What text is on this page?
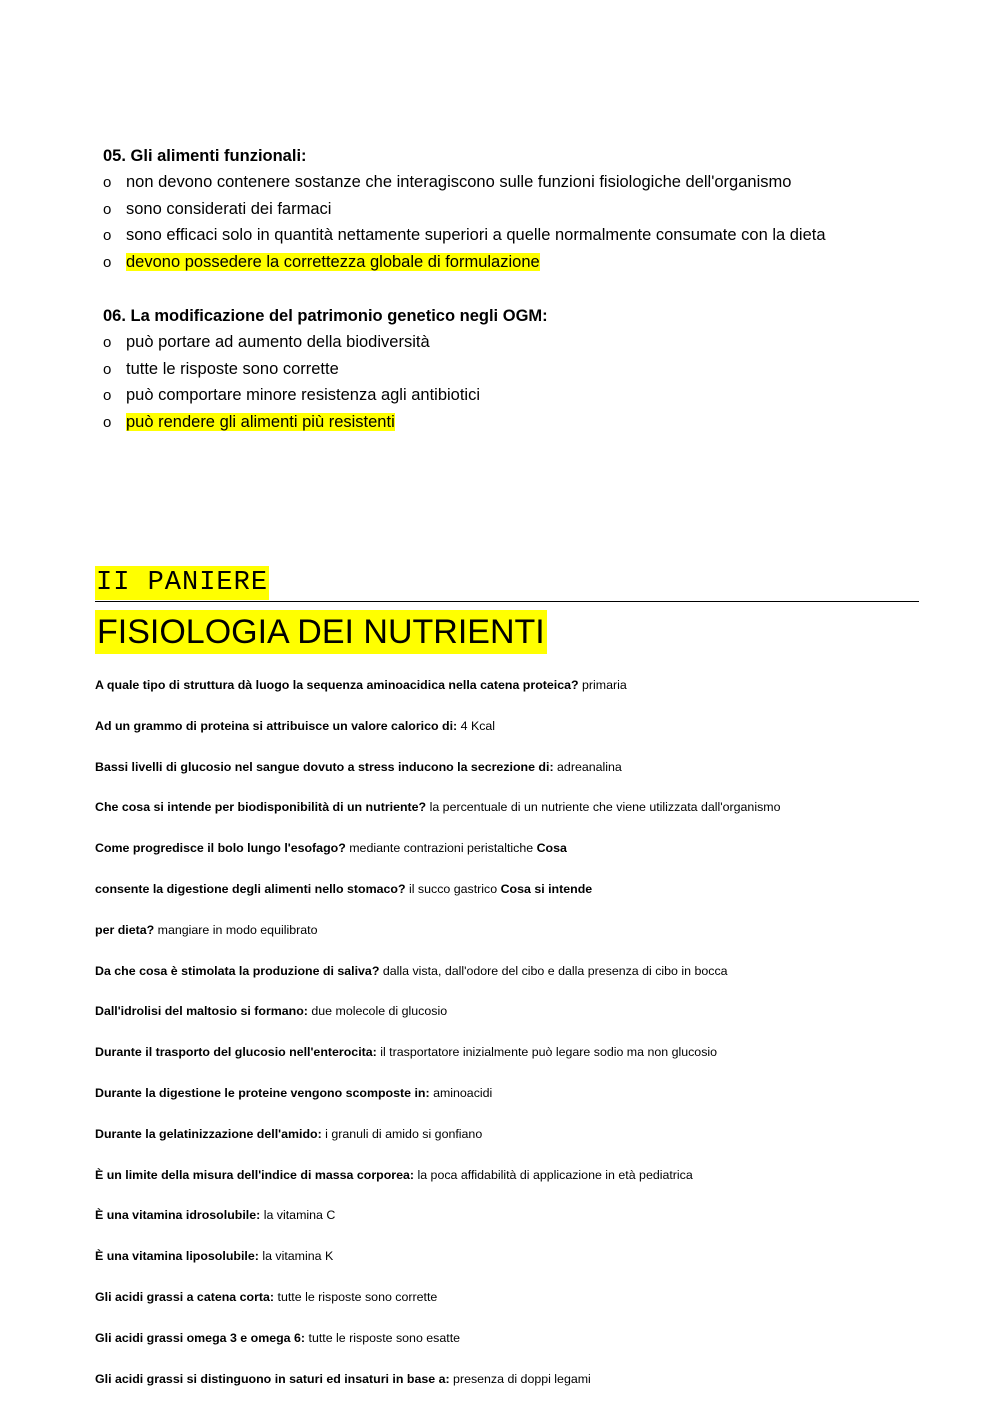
05. Gli alimenti funzionali:
o non devono contenere sostanze che interagiscono sulle funzioni fisiologiche dell'organismo
o sono considerati dei farmaci
o sono efficaci solo in quantità nettamente superiori a quelle normalmente consumate con la dieta
o devono possedere la correttezza globale di formulazione
06. La modificazione del patrimonio genetico negli OGM:
o può portare ad aumento della biodiversità
o tutte le risposte sono corrette
o può comportare minore resistenza agli antibiotici
o può rendere gli alimenti più resistenti
II PANIERE
FISIOLOGIA DEI NUTRIENTI
A quale tipo di struttura dà luogo la sequenza aminoacidica nella catena proteica? primaria
Ad un grammo di proteina si attribuisce un valore calorico di: 4 Kcal
Bassi livelli di glucosio nel sangue dovuto a stress inducono la secrezione di: adreanalina
Che cosa si intende per biodisponibilità di un nutriente? la percentuale di un nutriente che viene utilizzata dall'organismo
Come progredisce il bolo lungo l'esofago? mediante contrazioni peristaltiche Cosa
consente la digestione degli alimenti nello stomaco? il succo gastrico Cosa si intende
per dieta? mangiare in modo equilibrato
Da che cosa è stimolata la produzione di saliva? dalla vista, dall'odore del cibo e dalla presenza di cibo in bocca
Dall'idrolisi del maltosio si formano: due molecole di glucosio
Durante il trasporto del glucosio nell'enterocita: il trasportatore inizialmente può legare sodio ma non glucosio
Durante la digestione le proteine vengono scomposte in: aminoacidi
Durante la gelatinizzazione dell'amido: i granuli di amido si gonfiano
È un limite della misura dell'indice di massa corporea: la poca affidabilità di applicazione in età pediatrica
È una vitamina idrosolubile: la vitamina C
È una vitamina liposolubile: la vitamina K
Gli acidi grassi a catena corta: tutte le risposte sono corrette
Gli acidi grassi omega 3 e omega 6: tutte le risposte sono esatte
Gli acidi grassi si distinguono in saturi ed insaturi in base a: presenza di doppi legami
